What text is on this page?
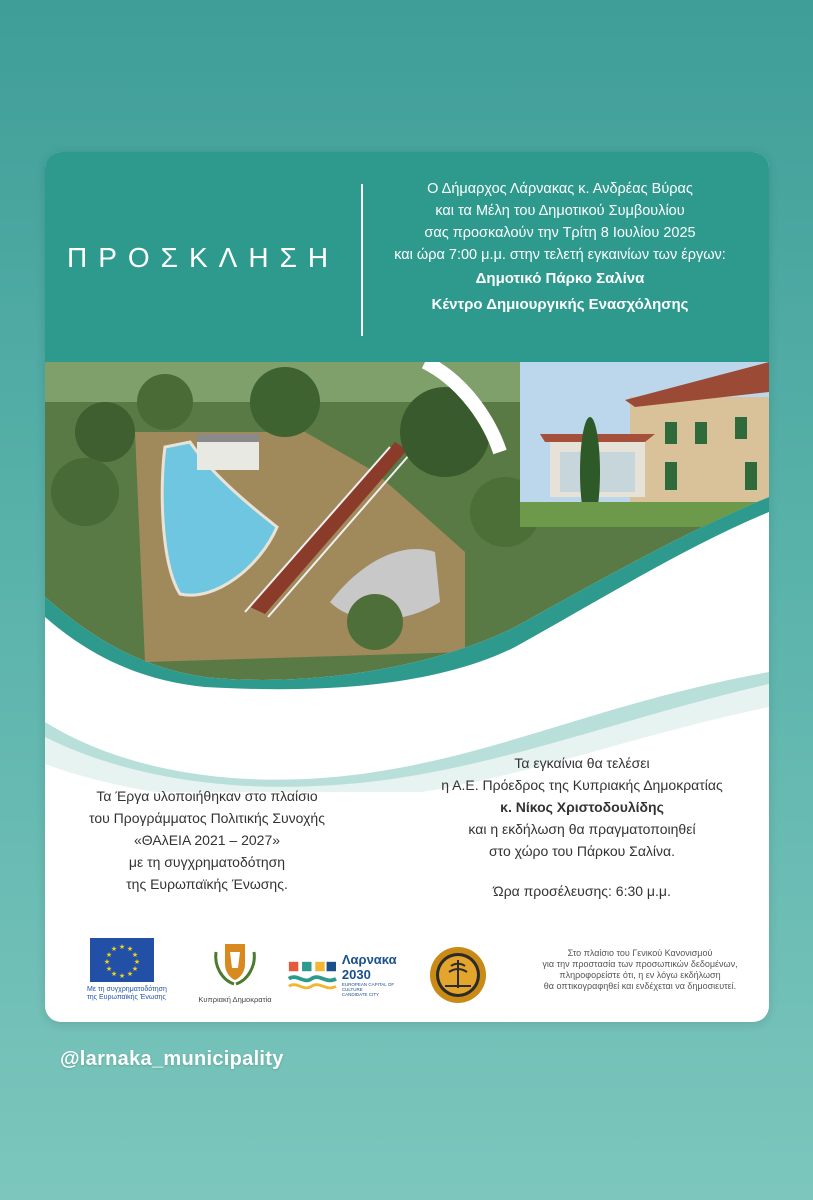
ΠΡΟΣΚΛΗΣΗ
Ο Δήμαρχος Λάρνακας κ. Ανδρέας Βύρας
και τα Μέλη του Δημοτικού Συμβουλίου
σας προσκαλούν την Τρίτη 8 Ιουλίου 2025
και ώρα 7:00 μ.μ. στην τελετή εγκαινίων των έργων:
Δημοτικό Πάρκο Σαλίνα
Κέντρο Δημιουργικής Ενασχόλησης
Τα Έργα υλοποιήθηκαν στο πλαίσιο
του Προγράμματος Πολιτικής Συνοχής
«ΘΑλΕΙΑ 2021 – 2027»
με τη συγχρηματοδότηση
της Ευρωπαϊκής Ένωσης.
Τα εγκαίνια θα τελέσει
η Α.Ε. Πρόεδρος της Κυπριακής Δημοκρατίας
κ. Νίκος Χριστοδουλίδης
και η εκδήλωση θα πραγματοποιηθεί
στο χώρο του Πάρκου Σαλίνα.
Ώρα προσέλευσης: 6:30 μ.μ.
★ ★
★
★
★
★
★
★
★
★
★
★
Με τη συγχρηματοδότηση
της Ευρωπαϊκής Ένωσης	Κυπριακή Δημοκρατία
Λαρνακα
2030
EUROPEAN CAPITAL OF CULTURE
CANDIDATE CITY
Στο πλαίσιο του Γενικού Κανονισμού
για την προστασία των προσωπικών δεδομένων,
πληροφορείστε ότι, η εν λόγω εκδήλωση
θα οπτικογραφηθεί και ενδέχεται να δημοσιευτεί.
@larnaka_municipality
